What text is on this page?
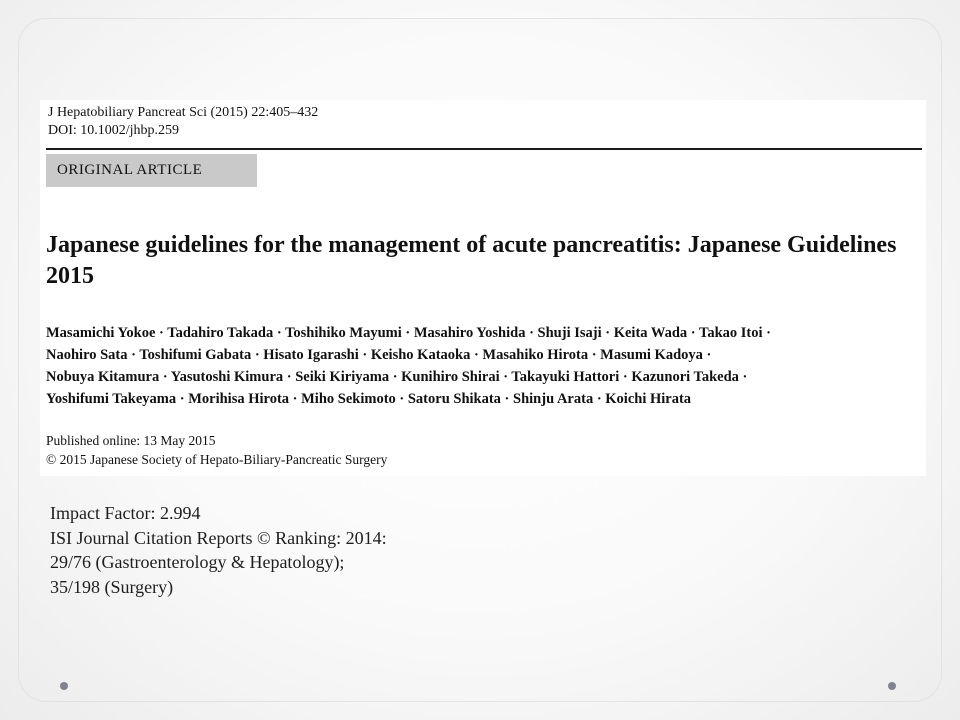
J Hepatobiliary Pancreat Sci (2015) 22:405–432
DOI: 10.1002/jhbp.259
ORIGINAL ARTICLE
Japanese guidelines for the management of acute pancreatitis: Japanese Guidelines 2015
Masamichi Yokoe · Tadahiro Takada · Toshihiko Mayumi · Masahiro Yoshida · Shuji Isaji · Keita Wada · Takao Itoi ·
Naohiro Sata · Toshifumi Gabata · Hisato Igarashi · Keisho Kataoka · Masahiko Hirota · Masumi Kadoya ·
Nobuya Kitamura · Yasutoshi Kimura · Seiki Kiriyama · Kunihiro Shirai · Takayuki Hattori · Kazunori Takeda ·
Yoshifumi Takeyama · Morihisa Hirota · Miho Sekimoto · Satoru Shikata · Shinju Arata · Koichi Hirata
Published online: 13 May 2015
© 2015 Japanese Society of Hepato-Biliary-Pancreatic Surgery
Impact Factor: 2.994
ISI Journal Citation Reports © Ranking: 2014:
29/76 (Gastroenterology & Hepatology);
35/198 (Surgery)
